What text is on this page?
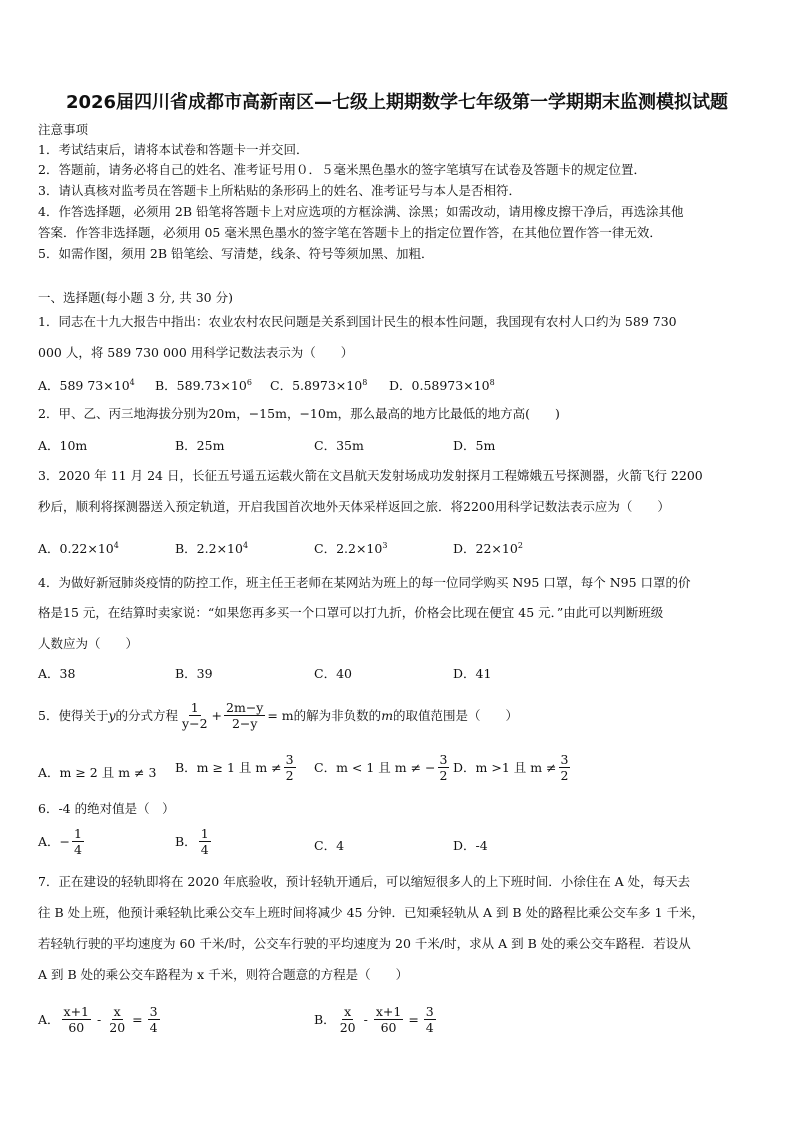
2026届四川省成都市高新南区—七级上期期数学七年级第一学期期末监测模拟试题
注意事项
1．考试结束后，请将本试卷和答题卡一并交回．
2．答题前，请务必将自己的姓名、准考证号用０．５毫米黑色墨水的签字笔填写在试卷及答题卡的规定位置．
3．请认真核对监考员在答题卡上所粘贴的条形码上的姓名、准考证号与本人是否相符．
4．作答选择题，必须用 2B 铅笔将答题卡上对应选项的方框涂满、涂黑；如需改动，请用橡皮擦干净后，再选涂其他
答案．作答非选择题，必须用 05 毫米黑色墨水的签字笔在答题卡上的指定位置作答，在其他位置作答一律无效．
5．如需作图，须用 2B 铅笔绘、写清楚，线条、符号等须加黑、加粗．
一、选择题(每小题 3 分, 共 30 分)
1．同志在十九大报告中指出：农业农村农民问题是关系到国计民生的根本性问题，我国现有农村人口约为 589 730
000 人，将 589 730 000 用科学记数法表示为（　　）
A．589 $73\times 10^4$ B．$589.73\times 10^6$ C．$5.8973\times 10^8$ D．$0.58973\times 10^8$
2．甲、乙、丙三地海拔分别为20m，−15m，−10m，那么最高的地方比最低的地方高(　　)
A．10m	B．25m	C．35m	D．5m
3．2020 年 11 月 24 日，长征五号遥五运载火箭在文昌航天发射场成功发射探月工程嫦娥五号探测器，火箭飞行 2200
秒后，顺利将探测器送入预定轨道，开启我国首次地外天体采样返回之旅．将2200用科学记数法表示应为（　　）
A．$0.22\times 10^4$	B．$2.2\times 10^4$	C．$2.2\times 10^3$	D．$22\times 10^2$
4．为做好新冠肺炎疫情的防控工作，班主任王老师在某网站为班上的每一位同学购买 N95 口罩，每个 N95 口罩的价
格是15 元，在结算时卖家说：“如果您再多买一个口罩可以打九折，价格会比现在便宜 45 元．”由此可以判断班级
人数应为（　　）
A．38	B．39	C．40	D．41
5．使得关于 y 的分式方程 $\frac{1}{y-2} + \frac{2m-y}{2-y} = m$ 的解为非负数的 m 的取值范围是（　　）
A．m ≥ 2 且 m ≠ 3 B．m ≥ 1 且 $m \ne \frac{3}{2}$ C．m < 1 且 m ≠ − $\frac{3}{2}$ D．m >1 且 $m \ne \frac{3}{2}$
6．-4 的绝对值是（　）
A．− $\frac{1}{4}$	B． $\frac{1}{4}$	C．4	D．-4
7．正在建设的轻轨即将在 2020 年底验收，预计轻轨开通后，可以缩短很多人的上下班时间．小徐住在 A 处，每天去
往 B 处上班，他预计乘轻轨比乘公交车上班时间将减少 45 分钟．已知乘轻轨从 A 到 B 处的路程比乘公交车多 1 千米，
若轻轨行驶的平均速度为 60 千米/时，公交车行驶的平均速度为 20 千米/时，求从 A 到 B 处的乘公交车路程．若设从
A 到 B 处的乘公交车路程为 x 千米，则符合题意的方程是（　　）
A． $\frac{x+1}{60} - \frac{x}{20} = \frac{3}{4}$	B． $\frac{x}{20} - \frac{x+1}{60} = \frac{3}{4}$
